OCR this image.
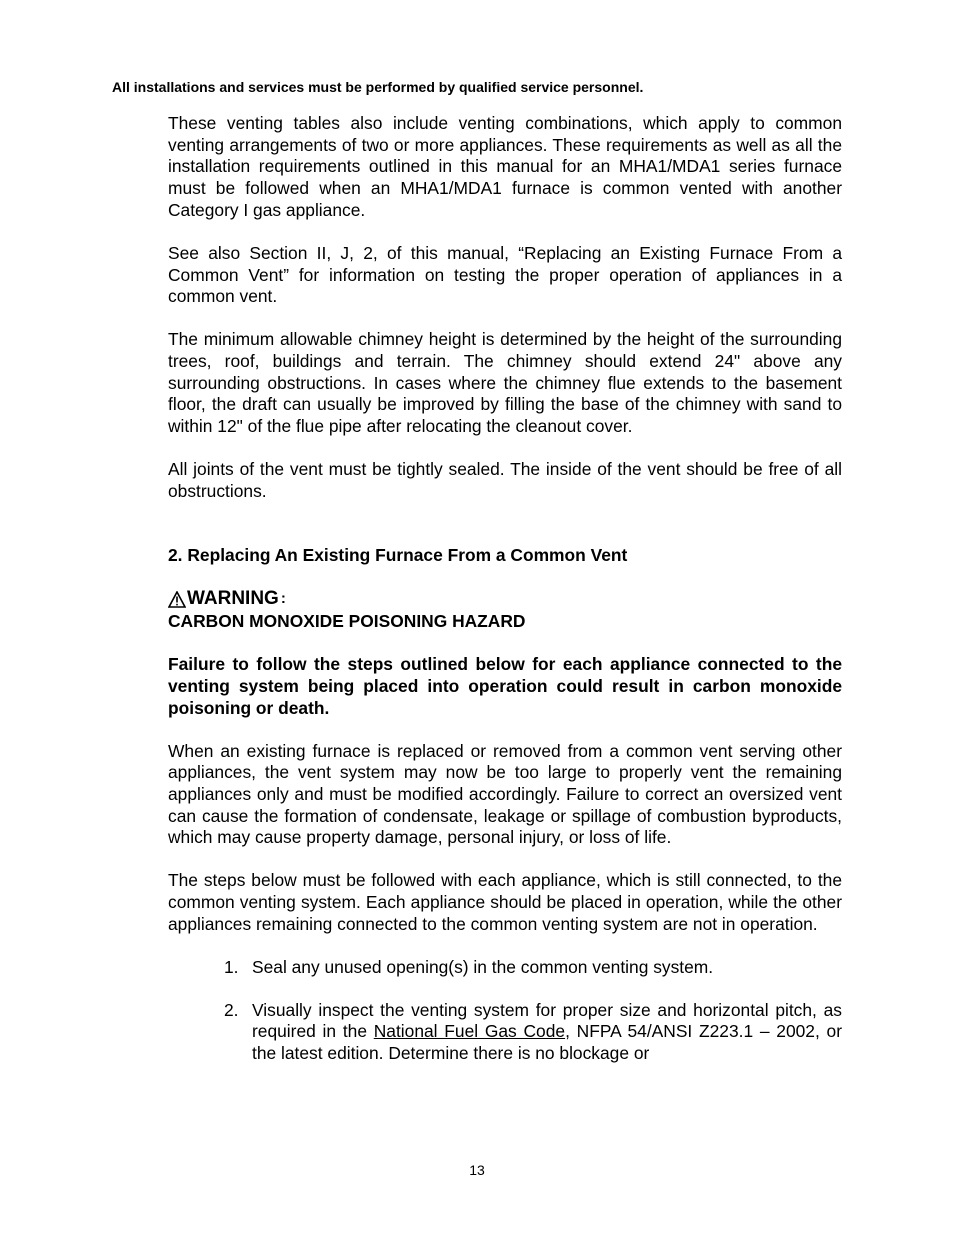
All installations and services must be performed by qualified service personnel.

These venting tables also include venting combinations, which apply to common venting arrangements of two or more appliances. These requirements as well as all the installation requirements outlined in this manual for an MHA1/MDA1 series furnace must be followed when an MHA1/MDA1 furnace is common vented with another Category I gas appliance.

See also Section II, J, 2, of this manual, “Replacing an Existing Furnace From a Common Vent” for information on testing the proper operation of appliances in a common vent.

The minimum allowable chimney height is determined by the height of the surrounding trees, roof, buildings and terrain. The chimney should extend 24" above any surrounding obstructions. In cases where the chimney flue extends to the basement floor, the draft can usually be improved by filling the base of the chimney with sand to within 12" of the flue pipe after relocating the cleanout cover.

All joints of the vent must be tightly sealed. The inside of the vent should be free of all obstructions.

2. Replacing An Existing Furnace From a Common Vent
WARNING :
CARBON MONOXIDE POISONING HAZARD

Failure to follow the steps outlined below for each appliance connected to the venting system being placed into operation could result in carbon monoxide poisoning or death.

When an existing furnace is replaced or removed from a common vent serving other appliances, the vent system may now be too large to properly vent the remaining appliances only and must be modified accordingly. Failure to correct an oversized vent can cause the formation of condensate, leakage or spillage of combustion byproducts, which may cause property damage, personal injury, or loss of life.

The steps below must be followed with each appliance, which is still connected, to the common venting system. Each appliance should be placed in operation, while the other appliances remaining connected to the common venting system are not in operation.

1. Seal any unused opening(s) in the common venting system.
2. Visually inspect the venting system for proper size and horizontal pitch, as required in the National Fuel Gas Code, NFPA 54/ANSI Z223.1 – 2002, or the latest edition. Determine there is no blockage or
13
